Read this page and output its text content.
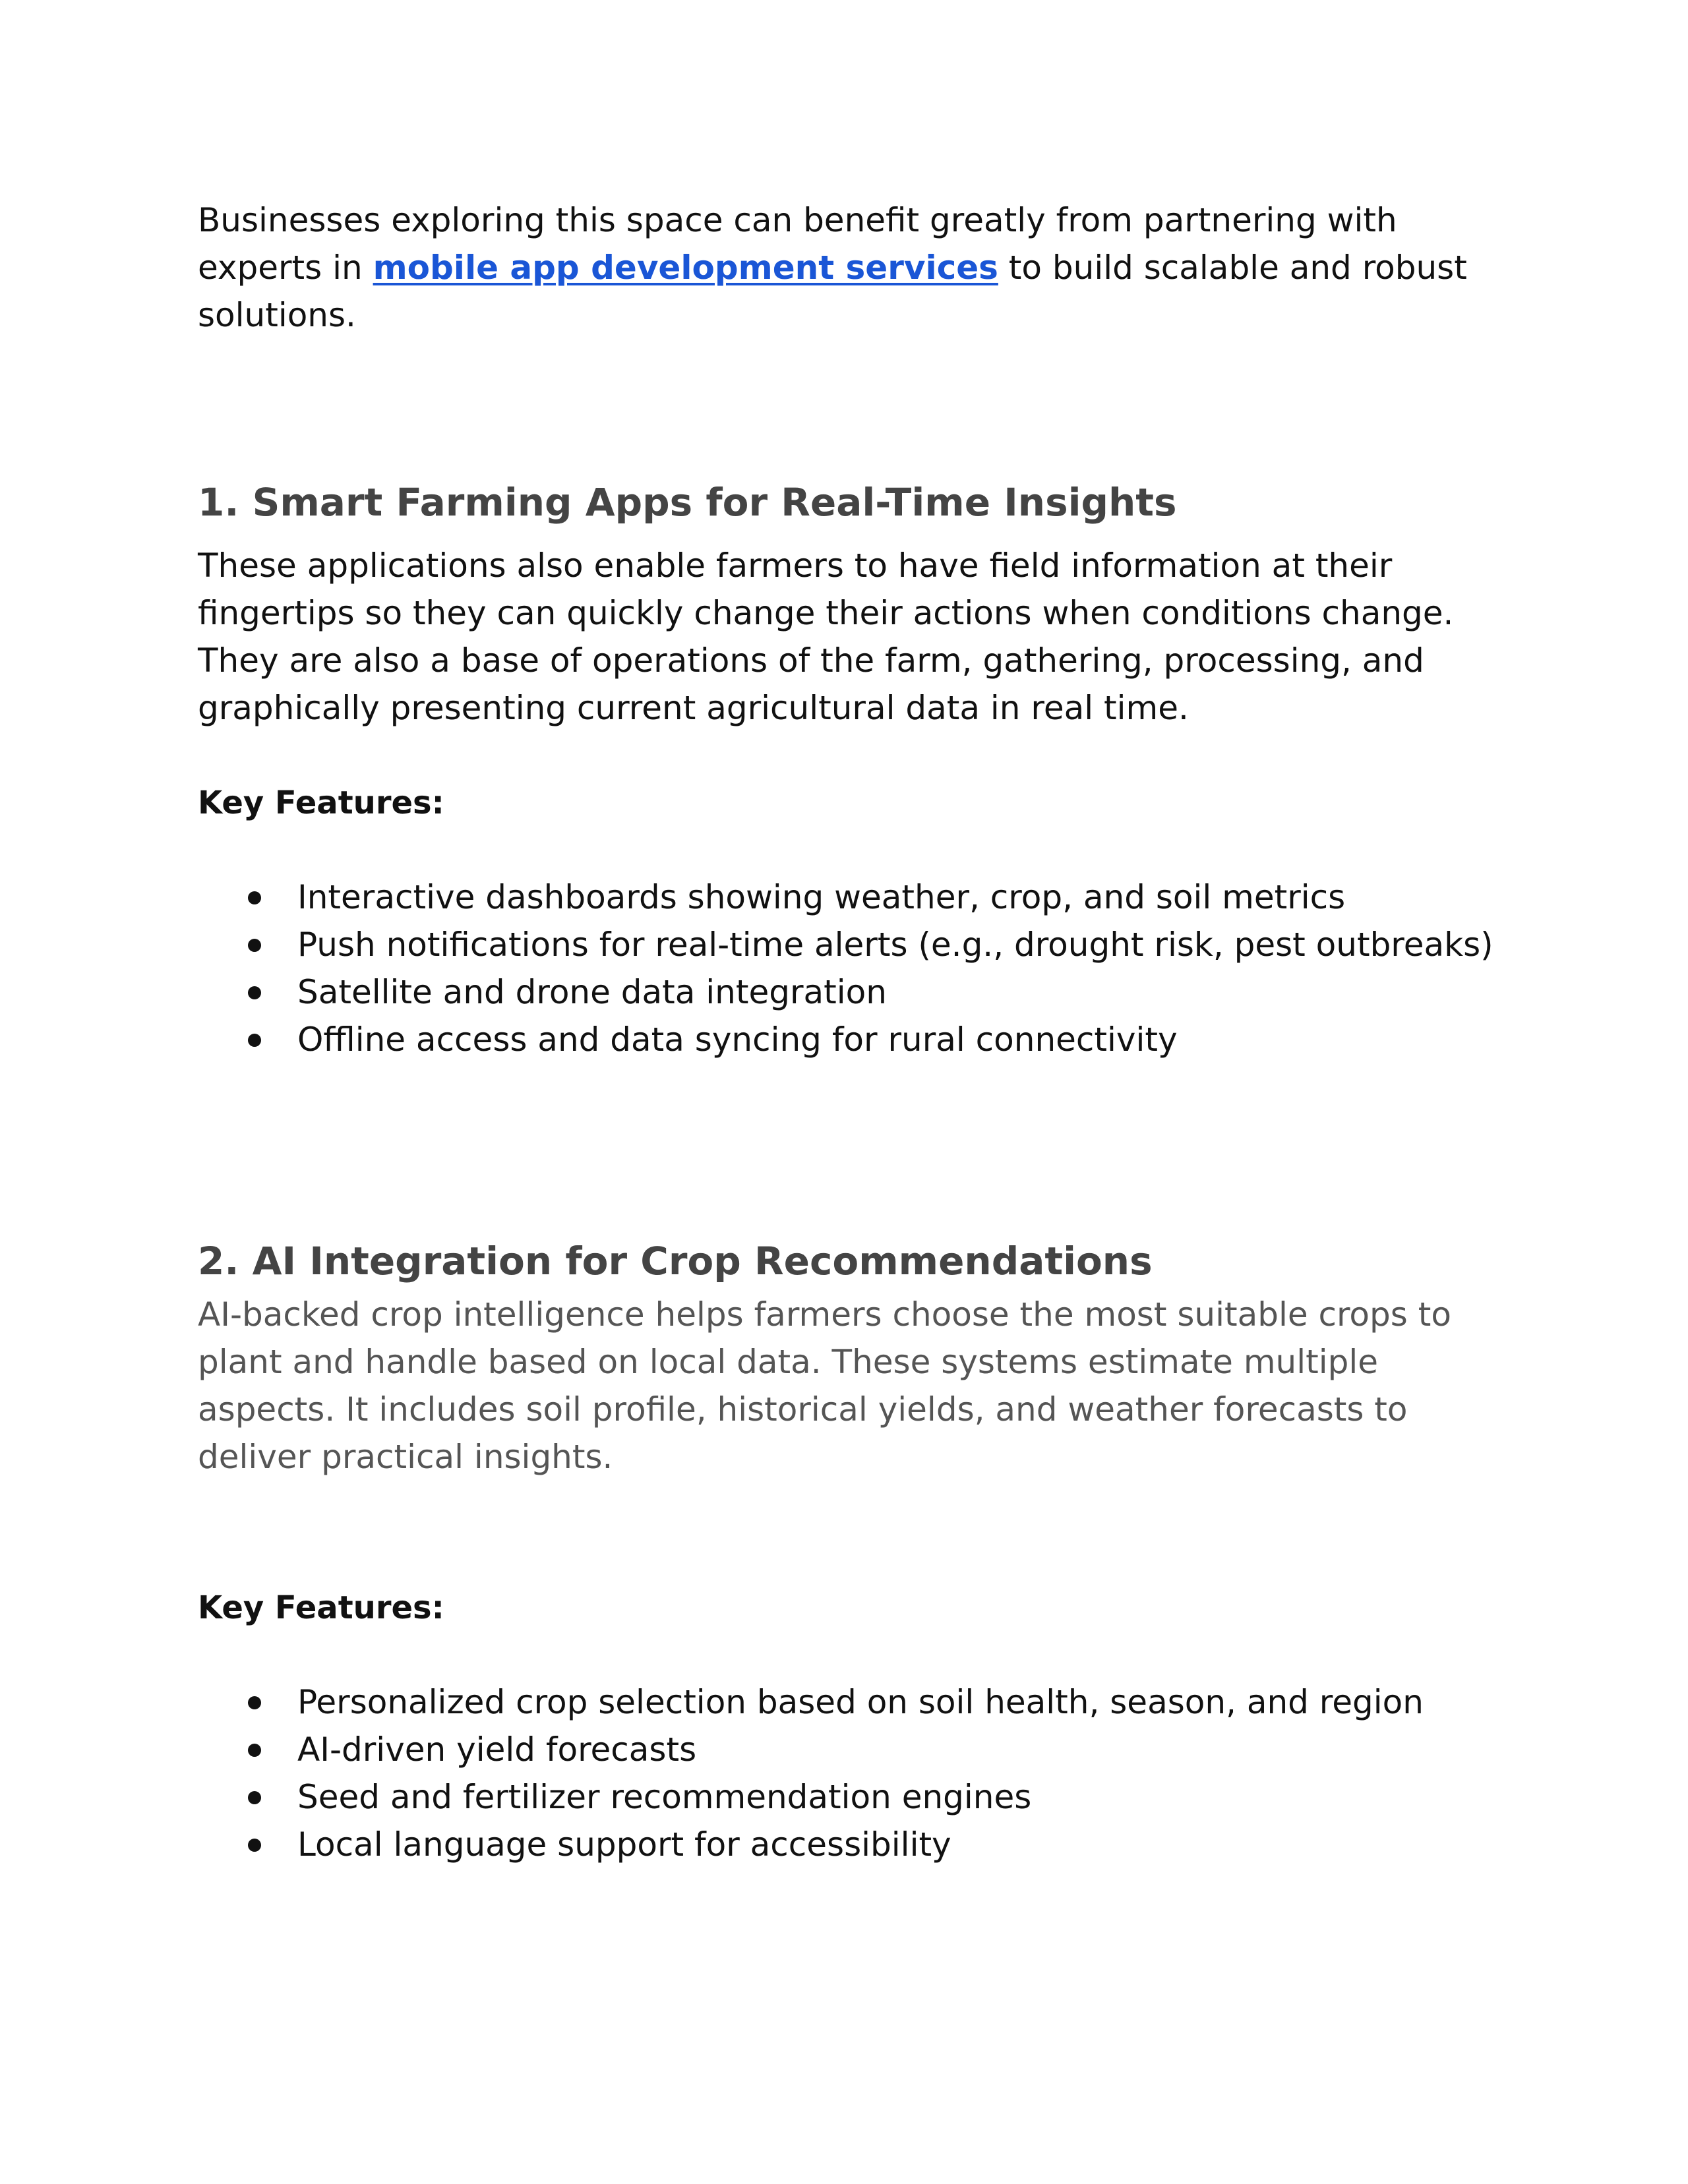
Businesses exploring this space can benefit greatly from partnering with experts in mobile app development services to build scalable and robust solutions.

1. Smart Farming Apps for Real-Time Insights

These applications also enable farmers to have field information at their fingertips so they can quickly change their actions when conditions change. They are also a base of operations of the farm, gathering, processing, and graphically presenting current agricultural data in real time.

Key Features:

Interactive dashboards showing weather, crop, and soil metrics
Push notifications for real-time alerts (e.g., drought risk, pest outbreaks)
Satellite and drone data integration
Offline access and data syncing for rural connectivity
2. AI Integration for Crop Recommendations

AI-backed crop intelligence helps farmers choose the most suitable crops to plant and handle based on local data. These systems estimate multiple aspects. It includes soil profile, historical yields, and weather forecasts to deliver practical insights.

Key Features:

Personalized crop selection based on soil health, season, and region
AI-driven yield forecasts
Seed and fertilizer recommendation engines
Local language support for accessibility
